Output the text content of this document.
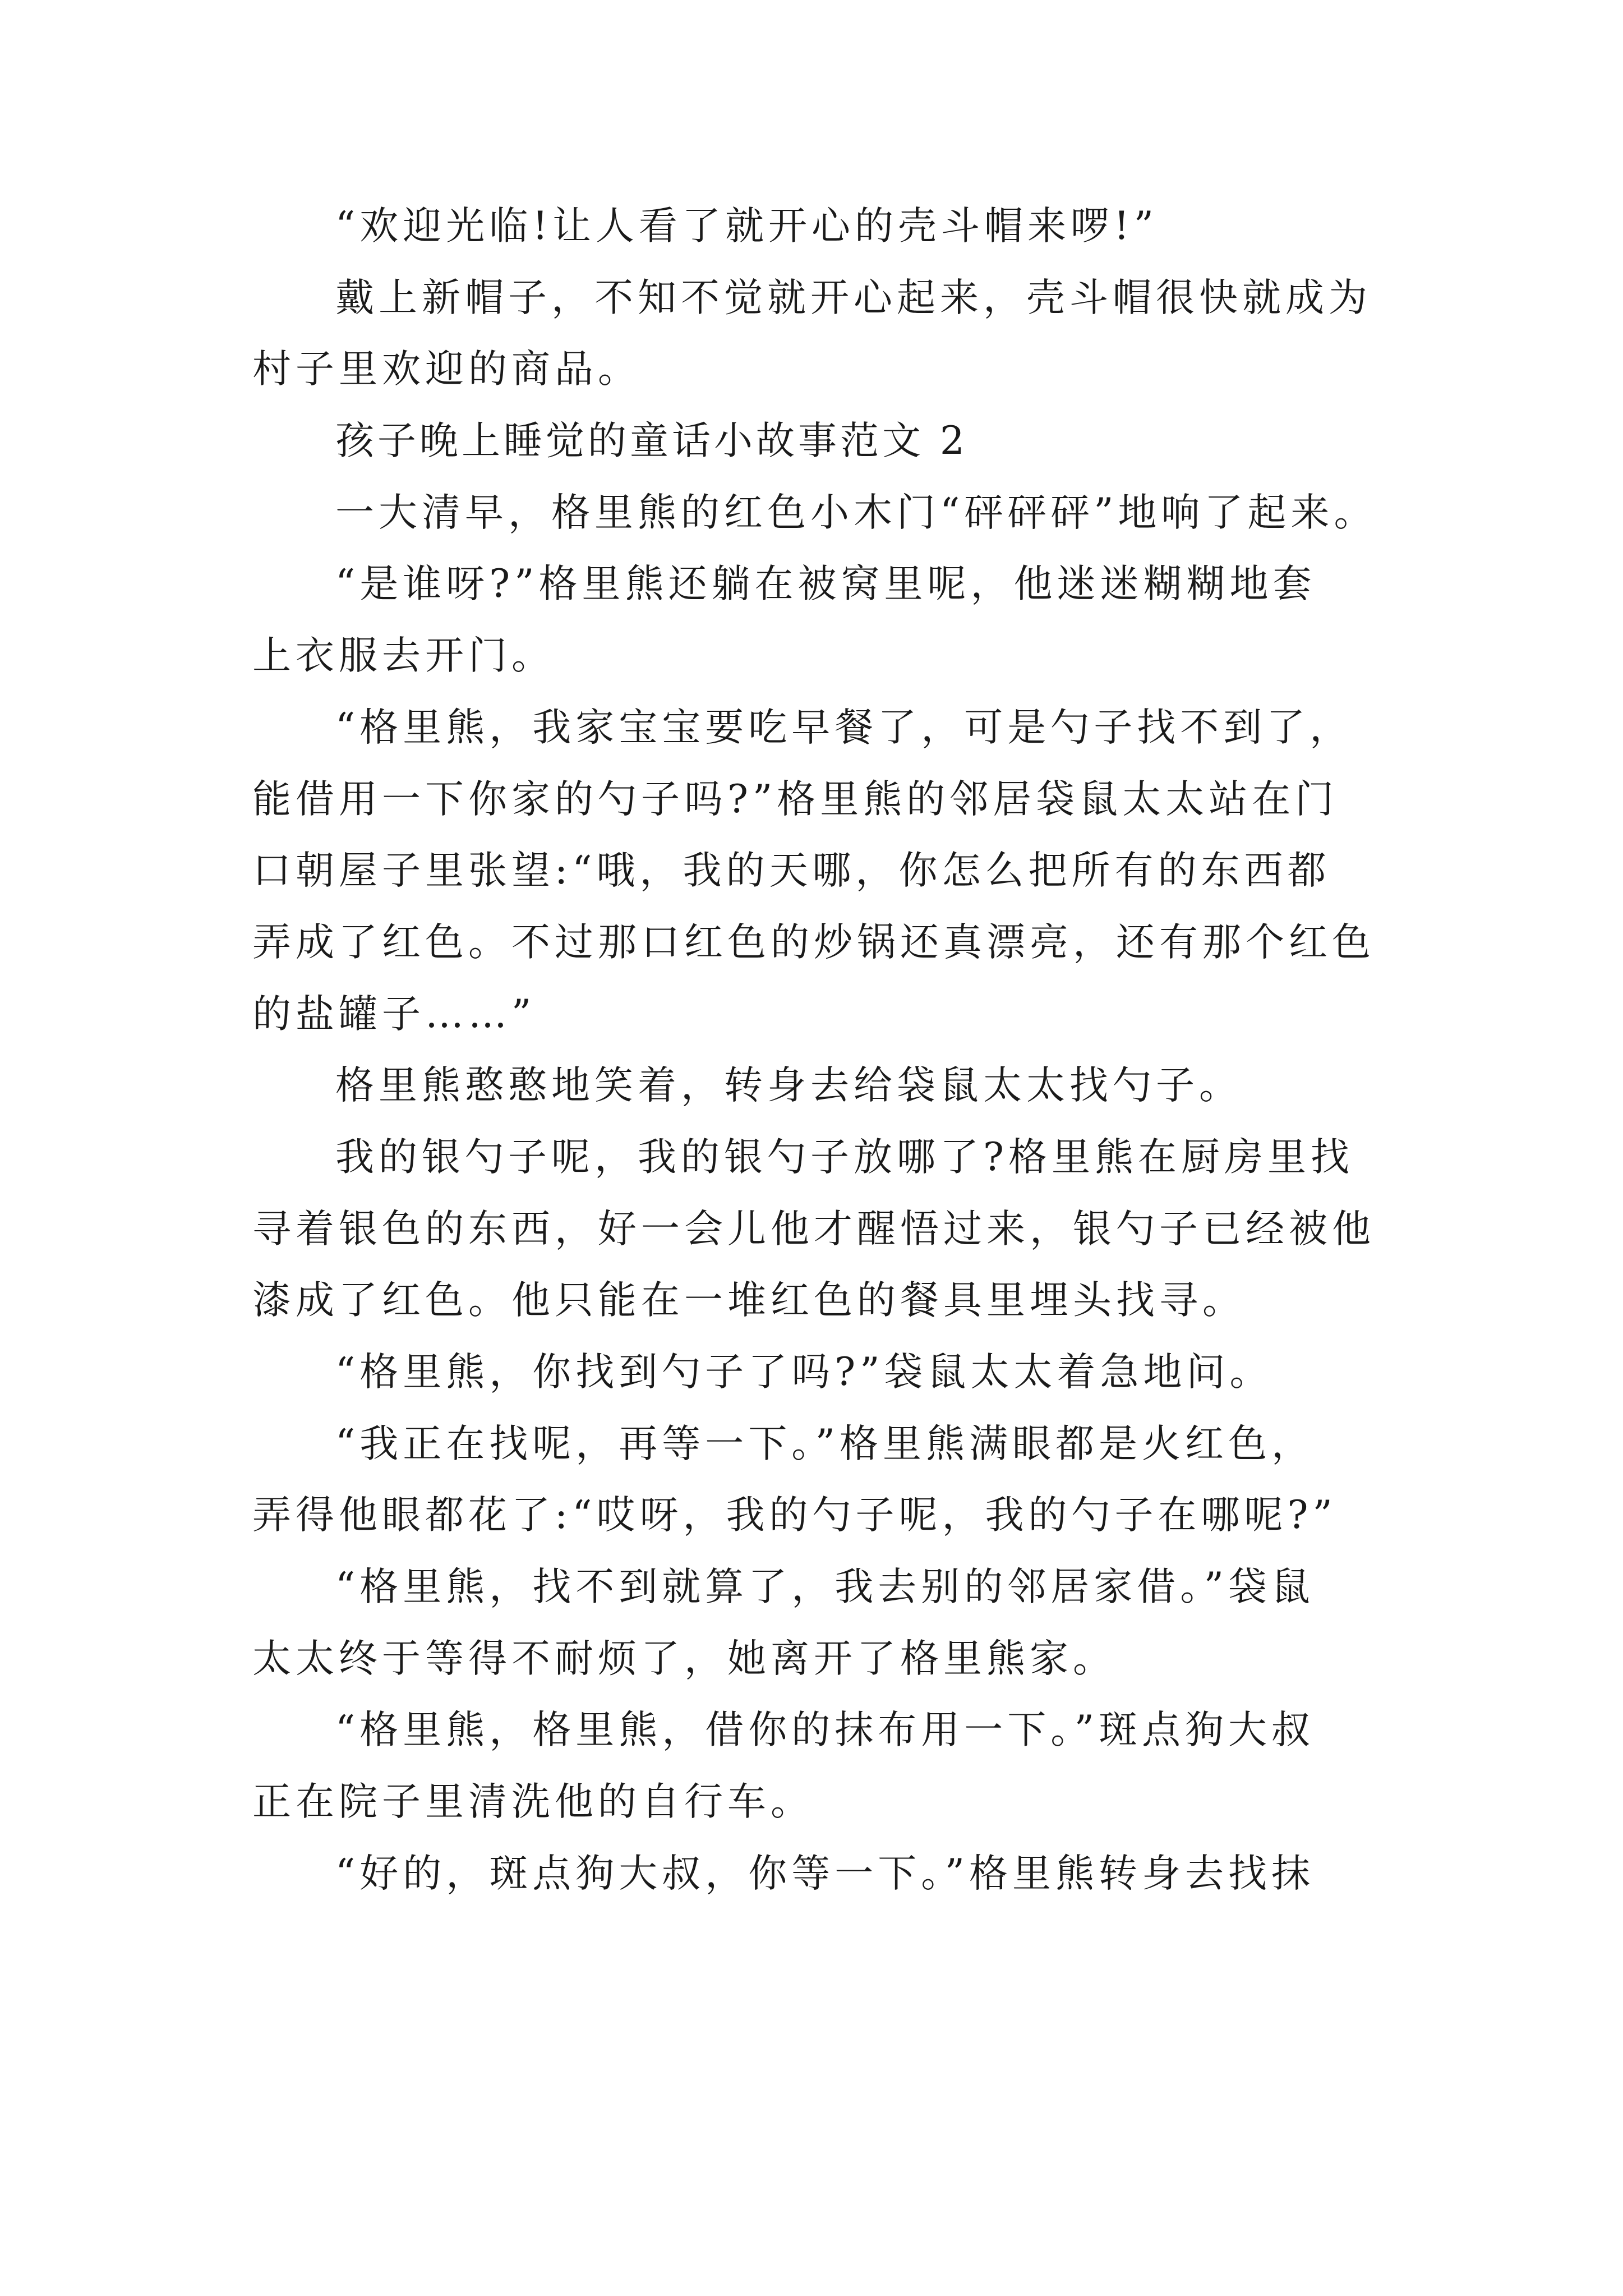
“欢迎光临!让人看了就开心的壳斗帽来啰!”
戴上新帽子，不知不觉就开心起来，壳斗帽很快就成为
村子里欢迎的商品。
孩子晚上睡觉的童话小故事范文 2
一大清早，格里熊的红色小木门“砰砰砰”地响了起来。
“是谁呀?”格里熊还躺在被窝里呢，他迷迷糊糊地套
上衣服去开门。
“格里熊，我家宝宝要吃早餐了，可是勺子找不到了，
能借用一下你家的勺子吗?”格里熊的邻居袋鼠太太站在门
口朝屋子里张望:“哦，我的天哪，你怎么把所有的东西都
弄成了红色。不过那口红色的炒锅还真漂亮，还有那个红色
的盐罐子……”
格里熊憨憨地笑着，转身去给袋鼠太太找勺子。
我的银勺子呢，我的银勺子放哪了?格里熊在厨房里找
寻着银色的东西，好一会儿他才醒悟过来，银勺子已经被他
漆成了红色。他只能在一堆红色的餐具里埋头找寻。
“格里熊，你找到勺子了吗?”袋鼠太太着急地问。
“我正在找呢，再等一下。”格里熊满眼都是火红色，
弄得他眼都花了:“哎呀，我的勺子呢，我的勺子在哪呢?”
“格里熊，找不到就算了，我去别的邻居家借。”袋鼠
太太终于等得不耐烦了，她离开了格里熊家。
“格里熊，格里熊，借你的抹布用一下。”斑点狗大叔
正在院子里清洗他的自行车。
“好的，斑点狗大叔，你等一下。”格里熊转身去找抹
